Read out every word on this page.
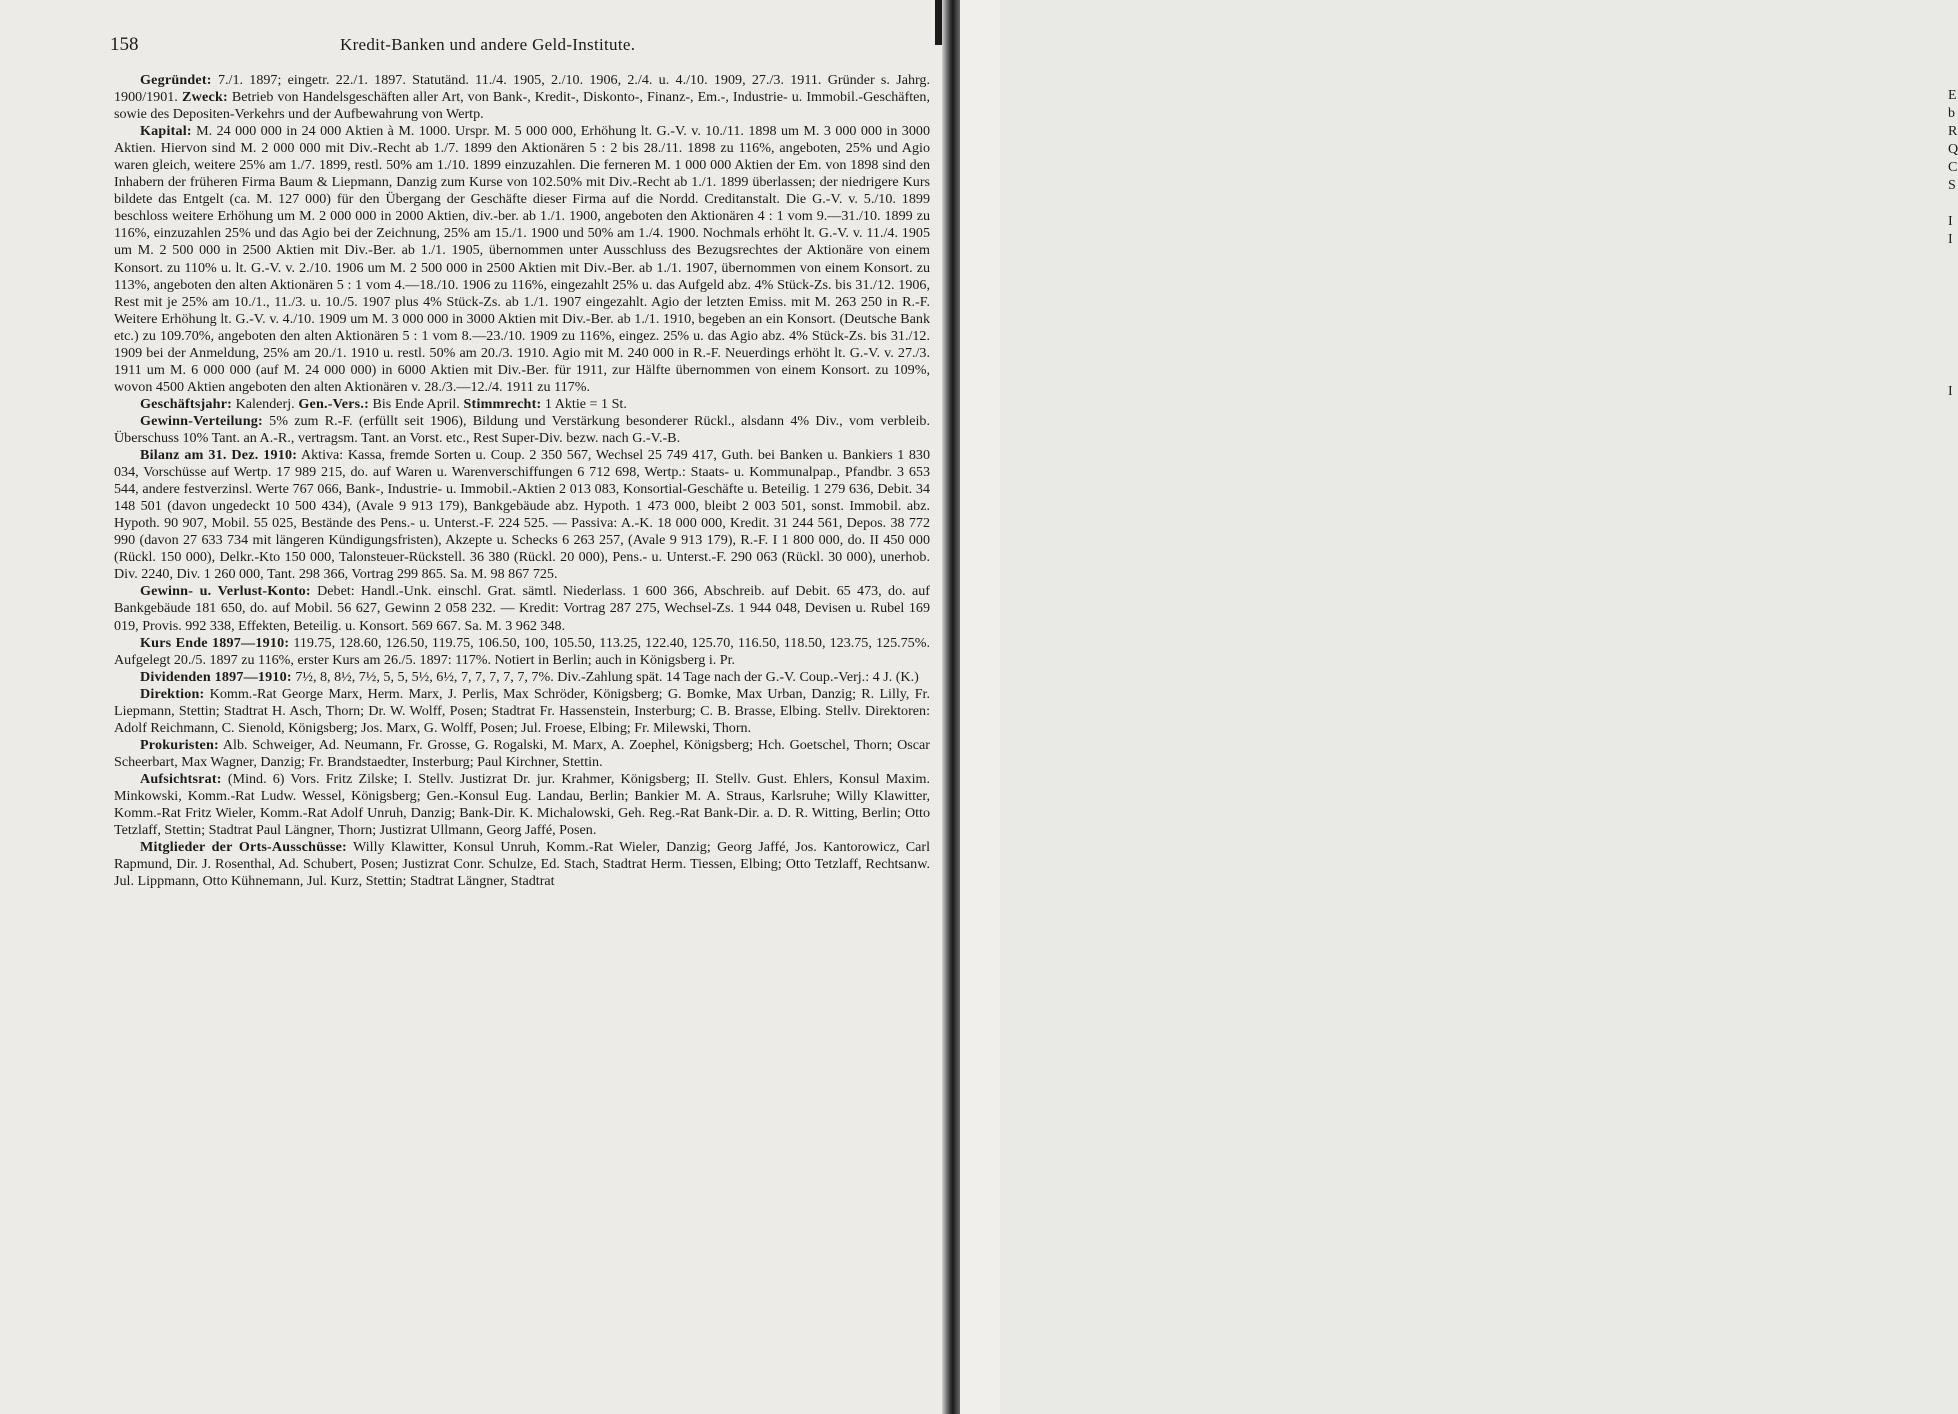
158	Kredit-Banken und andere Geld-Institute.

Gegründet: 7./1. 1897; eingetr. 22./1. 1897. Statutänd. 11./4. 1905, 2./10. 1906, 2./4. u. 4./10. 1909, 27./3. 1911. Gründer s. Jahrg. 1900/1901. Zweck: Betrieb von Handelsgeschäften aller Art, von Bank-, Kredit-, Diskonto-, Finanz-, Em.-, Industrie- u. Immobil.-Geschäften, sowie des Depositen-Verkehrs und der Aufbewahrung von Wertp.

Kapital: M. 24 000 000 in 24 000 Aktien à M. 1000. Urspr. M. 5 000 000, Erhöhung lt. G.-V. v. 10./11. 1898 um M. 3 000 000 in 3000 Aktien. Hiervon sind M. 2 000 000 mit Div.-Recht ab 1./7. 1899 den Aktionären 5 : 2 bis 28./11. 1898 zu 116%, angeboten, 25% und Agio waren gleich, weitere 25% am 1./7. 1899, restl. 50% am 1./10. 1899 einzuzahlen. Die ferneren M. 1 000 000 Aktien der Em. von 1898 sind den Inhabern der früheren Firma Baum & Liepmann, Danzig zum Kurse von 102.50% mit Div.-Recht ab 1./1. 1899 überlassen; der niedrigere Kurs bildete das Entgelt (ca. M. 127 000) für den Übergang der Geschäfte dieser Firma auf die Nordd. Creditanstalt. Die G.-V. v. 5./10. 1899 beschloss weitere Erhöhung um M. 2 000 000 in 2000 Aktien, div.-ber. ab 1./1. 1900, angeboten den Aktionären 4 : 1 vom 9.—31./10. 1899 zu 116%, einzuzahlen 25% und das Agio bei der Zeichnung, 25% am 15./1. 1900 und 50% am 1./4. 1900. Nochmals erhöht lt. G.-V. v. 11./4. 1905 um M. 2 500 000 in 2500 Aktien mit Div.-Ber. ab 1./1. 1905, übernommen unter Ausschluss des Bezugsrechtes der Aktionäre von einem Konsort. zu 110% u. lt. G.-V. v. 2./10. 1906 um M. 2 500 000 in 2500 Aktien mit Div.-Ber. ab 1./1. 1907, übernommen von einem Konsort. zu 113%, angeboten den alten Aktionären 5 : 1 vom 4.—18./10. 1906 zu 116%, eingezahlt 25% u. das Aufgeld abz. 4% Stück-Zs. bis 31./12. 1906, Rest mit je 25% am 10./1., 11./3. u. 10./5. 1907 plus 4% Stück-Zs. ab 1./1. 1907 eingezahlt. Agio der letzten Emiss. mit M. 263 250 in R.-F. Weitere Erhöhung lt. G.-V. v. 4./10. 1909 um M. 3 000 000 in 3000 Aktien mit Div.-Ber. ab 1./1. 1910, begeben an ein Konsort. (Deutsche Bank etc.) zu 109.70%, angeboten den alten Aktionären 5 : 1 vom 8.—23./10. 1909 zu 116%, eingez. 25% u. das Agio abz. 4% Stück-Zs. bis 31./12. 1909 bei der Anmeldung, 25% am 20./1. 1910 u. restl. 50% am 20./3. 1910. Agio mit M. 240 000 in R.-F. Neuerdings erhöht lt. G.-V. v. 27./3. 1911 um M. 6 000 000 (auf M. 24 000 000) in 6000 Aktien mit Div.-Ber. für 1911, zur Hälfte übernommen von einem Konsort. zu 109%, wovon 4500 Aktien angeboten den alten Aktionären v. 28./3.—12./4. 1911 zu 117%.

Geschäftsjahr: Kalenderj. Gen.-Vers.: Bis Ende April. Stimmrecht: 1 Aktie = 1 St.

Gewinn-Verteilung: 5% zum R.-F. (erfüllt seit 1906), Bildung und Verstärkung besonderer Rückl., alsdann 4% Div., vom verbleib. Überschuss 10% Tant. an A.-R., vertragsm. Tant. an Vorst. etc., Rest Super-Div. bezw. nach G.-V.-B.

Bilanz am 31. Dez. 1910: Aktiva: Kassa, fremde Sorten u. Coup. 2 350 567, Wechsel 25 749 417, Guth. bei Banken u. Bankiers 1 830 034, Vorschüsse auf Wertp. 17 989 215, do. auf Waren u. Warenverschiffungen 6 712 698, Wertp.: Staats- u. Kommunalpap., Pfandbr. 3 653 544, andere festverzinsl. Werte 767 066, Bank-, Industrie- u. Immobil.-Aktien 2 013 083, Konsortial-Geschäfte u. Beteilig. 1 279 636, Debit. 34 148 501 (davon ungedeckt 10 500 434), (Avale 9 913 179), Bankgebäude abz. Hypoth. 1 473 000, bleibt 2 003 501, sonst. Immobil. abz. Hypoth. 90 907, Mobil. 55 025, Bestände des Pens.- u. Unterst.-F. 224 525. — Passiva: A.-K. 18 000 000, Kredit. 31 244 561, Depos. 38 772 990 (davon 27 633 734 mit längeren Kündigungsfristen), Akzepte u. Schecks 6 263 257, (Avale 9 913 179), R.-F. I 1 800 000, do. II 450 000 (Rückl. 150 000), Delkr.-Kto 150 000, Talonsteuer-Rückstell. 36 380 (Rückl. 20 000), Pens.- u. Unterst.-F. 290 063 (Rückl. 30 000), unerhob. Div. 2240, Div. 1 260 000, Tant. 298 366, Vortrag 299 865. Sa. M. 98 867 725.

Gewinn- u. Verlust-Konto: Debet: Handl.-Unk. einschl. Grat. sämtl. Niederlass. 1 600 366, Abschreib. auf Debit. 65 473, do. auf Bankgebäude 181 650, do. auf Mobil. 56 627, Gewinn 2 058 232. — Kredit: Vortrag 287 275, Wechsel-Zs. 1 944 048, Devisen u. Rubel 169 019, Provis. 992 338, Effekten, Beteilig. u. Konsort. 569 667. Sa. M. 3 962 348.

Kurs Ende 1897—1910: 119.75, 128.60, 126.50, 119.75, 106.50, 100, 105.50, 113.25, 122.40, 125.70, 116.50, 118.50, 123.75, 125.75%. Aufgelegt 20./5. 1897 zu 116%, erster Kurs am 26./5. 1897: 117%. Notiert in Berlin; auch in Königsberg i. Pr.

Dividenden 1897—1910: 7½, 8, 8½, 7½, 5, 5, 5½, 6½, 7, 7, 7, 7, 7, 7%. Div.-Zahlung spät. 14 Tage nach der G.-V. Coup.-Verj.: 4 J. (K.)

Direktion: Komm.-Rat George Marx, Herm. Marx, J. Perlis, Max Schröder, Königsberg; G. Bomke, Max Urban, Danzig; R. Lilly, Fr. Liepmann, Stettin; Stadtrat H. Asch, Thorn; Dr. W. Wolff, Posen; Stadtrat Fr. Hassenstein, Insterburg; C. B. Brasse, Elbing. Stellv. Direktoren: Adolf Reichmann, C. Sienold, Königsberg; Jos. Marx, G. Wolff, Posen; Jul. Froese, Elbing; Fr. Milewski, Thorn.

Prokuristen: Alb. Schweiger, Ad. Neumann, Fr. Grosse, G. Rogalski, M. Marx, A. Zoephel, Königsberg; Hch. Goetschel, Thorn; Oscar Scheerbart, Max Wagner, Danzig; Fr. Brandstaedter, Insterburg; Paul Kirchner, Stettin.

Aufsichtsrat: (Mind. 6) Vors. Fritz Zilske; I. Stellv. Justizrat Dr. jur. Krahmer, Königsberg; II. Stellv. Gust. Ehlers, Konsul Maxim. Minkowski, Komm.-Rat Ludw. Wessel, Königsberg; Gen.-Konsul Eug. Landau, Berlin; Bankier M. A. Straus, Karlsruhe; Willy Klawitter, Komm.-Rat Fritz Wieler, Komm.-Rat Adolf Unruh, Danzig; Bank-Dir. K. Michalowski, Geh. Reg.-Rat Bank-Dir. a. D. R. Witting, Berlin; Otto Tetzlaff, Stettin; Stadtrat Paul Längner, Thorn; Justizrat Ullmann, Georg Jaffé, Posen.

Mitglieder der Orts-Ausschüsse: Willy Klawitter, Konsul Unruh, Komm.-Rat Wieler, Danzig; Georg Jaffé, Jos. Kantorowicz, Carl Rapmund, Dir. J. Rosenthal, Ad. Schubert, Posen; Justizrat Conr. Schulze, Ed. Stach, Stadtrat Herm. Tiessen, Elbing; Otto Tetzlaff, Rechtsanw. Jul. Lippmann, Otto Kühnemann, Jul. Kurz, Stettin; Stadtrat Längner, Stadtrat

E
b
R
Q
C
S
I
I
I
